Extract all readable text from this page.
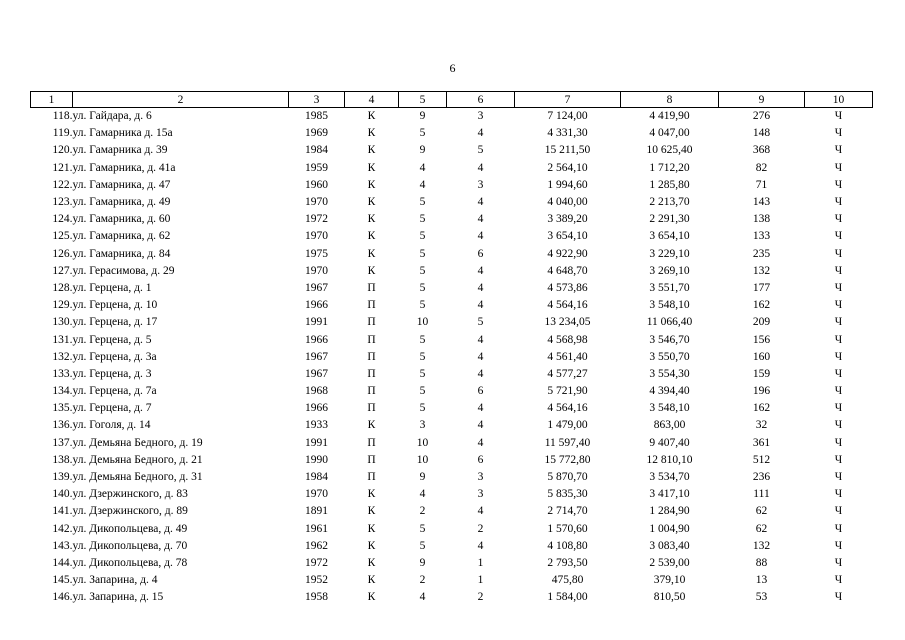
6
1	2	3	4	5	6	7	8	9	10
118.	ул. Гайдара, д. 6	1985	К	9	3	7 124,00	4 419,90	276	Ч
119.	ул. Гамарника д. 15а	1969	К	5	4	4 331,30	4 047,00	148	Ч
120.	ул. Гамарника д. 39	1984	К	9	5	15 211,50	10 625,40	368	Ч
121.	ул. Гамарника, д. 41а	1959	К	4	4	2 564,10	1 712,20	82	Ч
122.	ул. Гамарника, д. 47	1960	К	4	3	1 994,60	1 285,80	71	Ч
123.	ул. Гамарника, д. 49	1970	К	5	4	4 040,00	2 213,70	143	Ч
124.	ул. Гамарника, д. 60	1972	К	5	4	3 389,20	2 291,30	138	Ч
125.	ул. Гамарника, д. 62	1970	К	5	4	3 654,10	3 654,10	133	Ч
126.	ул. Гамарника, д. 84	1975	К	5	6	4 922,90	3 229,10	235	Ч
127.	ул. Герасимова, д. 29	1970	К	5	4	4 648,70	3 269,10	132	Ч
128.	ул. Герцена, д. 1	1967	П	5	4	4 573,86	3 551,70	177	Ч
129.	ул. Герцена, д. 10	1966	П	5	4	4 564,16	3 548,10	162	Ч
130.	ул. Герцена, д. 17	1991	П	10	5	13 234,05	11 066,40	209	Ч
131.	ул. Герцена, д. 5	1966	П	5	4	4 568,98	3 546,70	156	Ч
132.	ул. Герцена, д. 3а	1967	П	5	4	4 561,40	3 550,70	160	Ч
133.	ул. Герцена, д. 3	1967	П	5	4	4 577,27	3 554,30	159	Ч
134.	ул. Герцена, д. 7а	1968	П	5	6	5 721,90	4 394,40	196	Ч
135.	ул. Герцена, д. 7	1966	П	5	4	4 564,16	3 548,10	162	Ч
136.	ул. Гоголя, д. 14	1933	К	3	4	1 479,00	863,00	32	Ч
137.	ул. Демьяна Бедного, д. 19	1991	П	10	4	11 597,40	9 407,40	361	Ч
138.	ул. Демьяна Бедного, д. 21	1990	П	10	6	15 772,80	12 810,10	512	Ч
139.	ул. Демьяна Бедного, д. 31	1984	П	9	3	5 870,70	3 534,70	236	Ч
140.	ул. Дзержинского, д. 83	1970	К	4	3	5 835,30	3 417,10	111	Ч
141.	ул. Дзержинского, д. 89	1891	К	2	4	2 714,70	1 284,90	62	Ч
142.	ул. Дикопольцева, д. 49	1961	К	5	2	1 570,60	1 004,90	62	Ч
143.	ул. Дикопольцева, д. 70	1962	К	5	4	4 108,80	3 083,40	132	Ч
144.	ул. Дикопольцева, д. 78	1972	К	9	1	2 793,50	2 539,00	88	Ч
145.	ул. Запарина, д. 4	1952	К	2	1	475,80	379,10	13	Ч
146.	ул. Запарина, д. 15	1958	К	4	2	1 584,00	810,50	53	Ч
